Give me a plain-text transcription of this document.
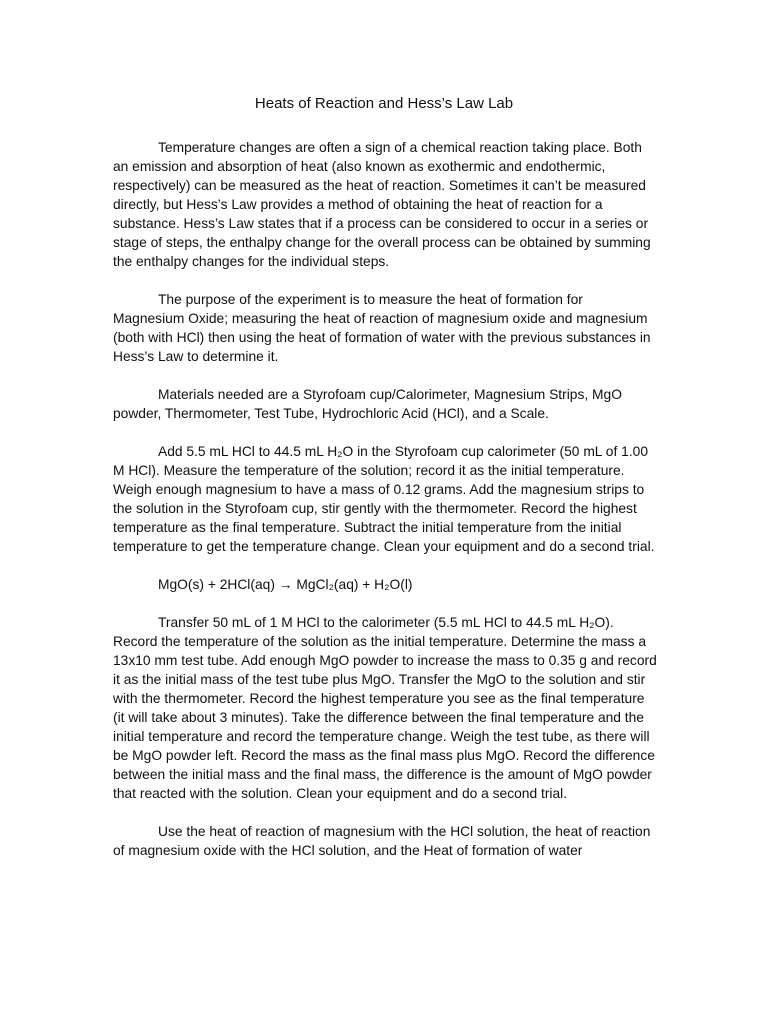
Heats of Reaction and Hess’s Law Lab

Temperature changes are often a sign of a chemical reaction taking place. Both an emission and absorption of heat (also known as exothermic and endothermic, respectively) can be measured as the heat of reaction. Sometimes it can’t be measured directly, but Hess’s Law provides a method of obtaining the heat of reaction for a substance. Hess’s Law states that if a process can be considered to occur in a series or stage of steps, the enthalpy change for the overall process can be obtained by summing the enthalpy changes for the individual steps.

The purpose of the experiment is to measure the heat of formation for Magnesium Oxide; measuring the heat of reaction of magnesium oxide and magnesium (both with HCl) then using the heat of formation of water with the previous substances in Hess’s Law to determine it.

Materials needed are a Styrofoam cup/Calorimeter, Magnesium Strips, MgO powder, Thermometer, Test Tube, Hydrochloric Acid (HCl), and a Scale.

Add 5.5 mL HCl to 44.5 mL H₂O in the Styrofoam cup calorimeter (50 mL of 1.00 M HCl). Measure the temperature of the solution; record it as the initial temperature. Weigh enough magnesium to have a mass of 0.12 grams. Add the magnesium strips to the solution in the Styrofoam cup, stir gently with the thermometer. Record the highest temperature as the final temperature. Subtract the initial temperature from the initial temperature to get the temperature change. Clean your equipment and do a second trial.

MgO(s) + 2HCl(aq) → MgCl₂(aq) + H₂O(l)

Transfer 50 mL of 1 M HCl to the calorimeter (5.5 mL HCl to 44.5 mL H₂O). Record the temperature of the solution as the initial temperature. Determine the mass a 13x10 mm test tube. Add enough MgO powder to increase the mass to 0.35 g and record it as the initial mass of the test tube plus MgO. Transfer the MgO to the solution and stir with the thermometer. Record the highest temperature you see as the final temperature (it will take about 3 minutes). Take the difference between the final temperature and the initial temperature and record the temperature change. Weigh the test tube, as there will be MgO powder left. Record the mass as the final mass plus MgO. Record the difference between the initial mass and the final mass, the difference is the amount of MgO powder that reacted with the solution. Clean your equipment and do a second trial.

Use the heat of reaction of magnesium with the HCl solution, the heat of reaction of magnesium oxide with the HCl solution, and the Heat of formation of water
